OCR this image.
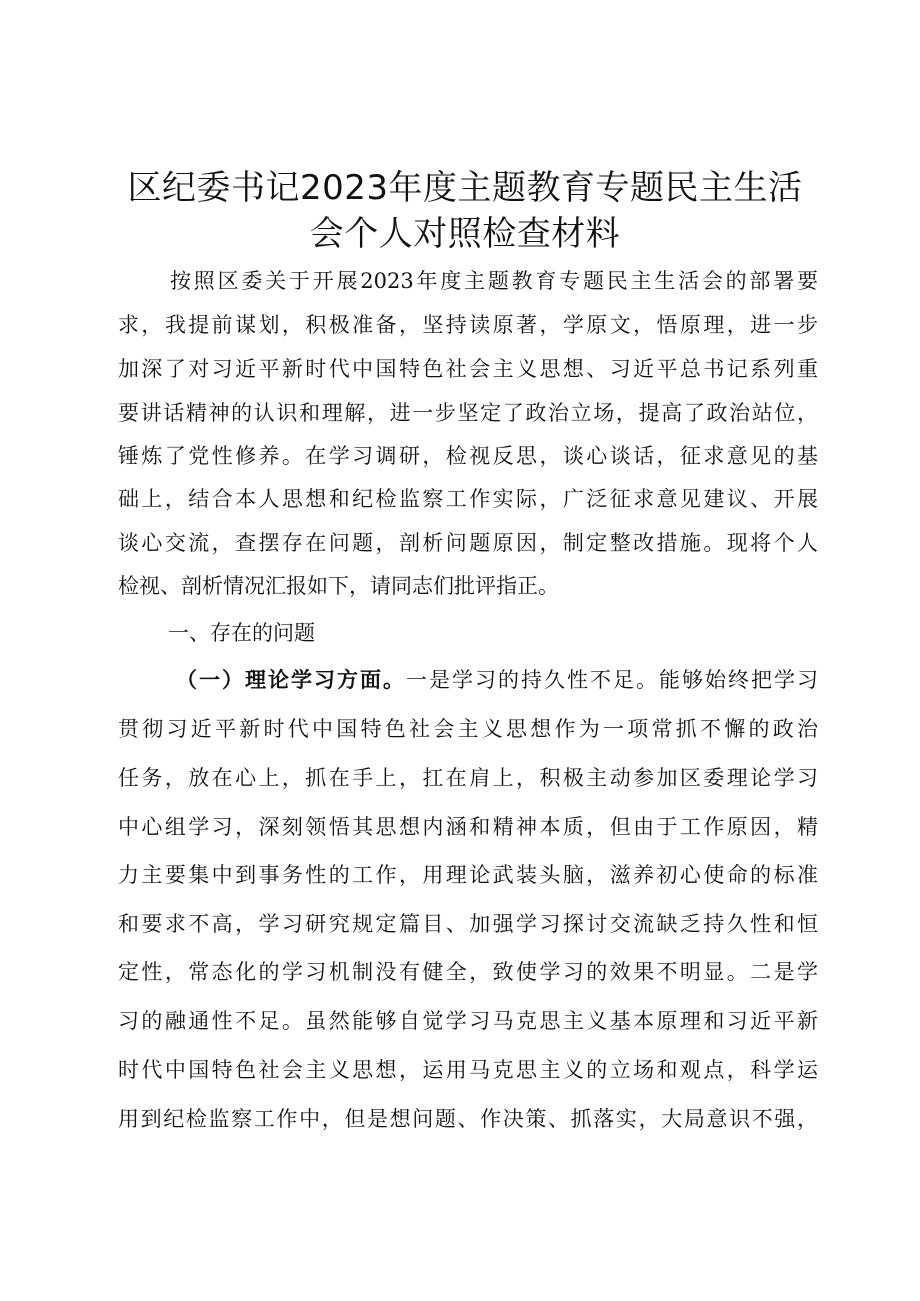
区纪委书记2023年度主题教育专题民主生活
会个人对照检查材料
按照区委关于开展2023年度主题教育专题民主生活会的部署要
求，我提前谋划，积极准备，坚持读原著，学原文，悟原理，进一步
加深了对习近平新时代中国特色社会主义思想、习近平总书记系列重
要讲话精神的认识和理解，进一步坚定了政治立场，提高了政治站位，
锤炼了党性修养。在学习调研，检视反思，谈心谈话，征求意见的基
础上，结合本人思想和纪检监察工作实际，广泛征求意见建议、开展
谈心交流，查摆存在问题，剖析问题原因，制定整改措施。现将个人
检视、剖析情况汇报如下，请同志们批评指正。
一、存在的问题
（一）理论学习方面。一是学习的持久性不足。能够始终把学习
贯彻习近平新时代中国特色社会主义思想作为一项常抓不懈的政治
任务，放在心上，抓在手上，扛在肩上，积极主动参加区委理论学习
中心组学习，深刻领悟其思想内涵和精神本质，但由于工作原因，精
力主要集中到事务性的工作，用理论武装头脑，滋养初心使命的标准
和要求不高，学习研究规定篇目、加强学习探讨交流缺乏持久性和恒
定性，常态化的学习机制没有健全，致使学习的效果不明显。二是学
习的融通性不足。虽然能够自觉学习马克思主义基本原理和习近平新
时代中国特色社会主义思想，运用马克思主义的立场和观点，科学运
用到纪检监察工作中，但是想问题、作决策、抓落实，大局意识不强，
